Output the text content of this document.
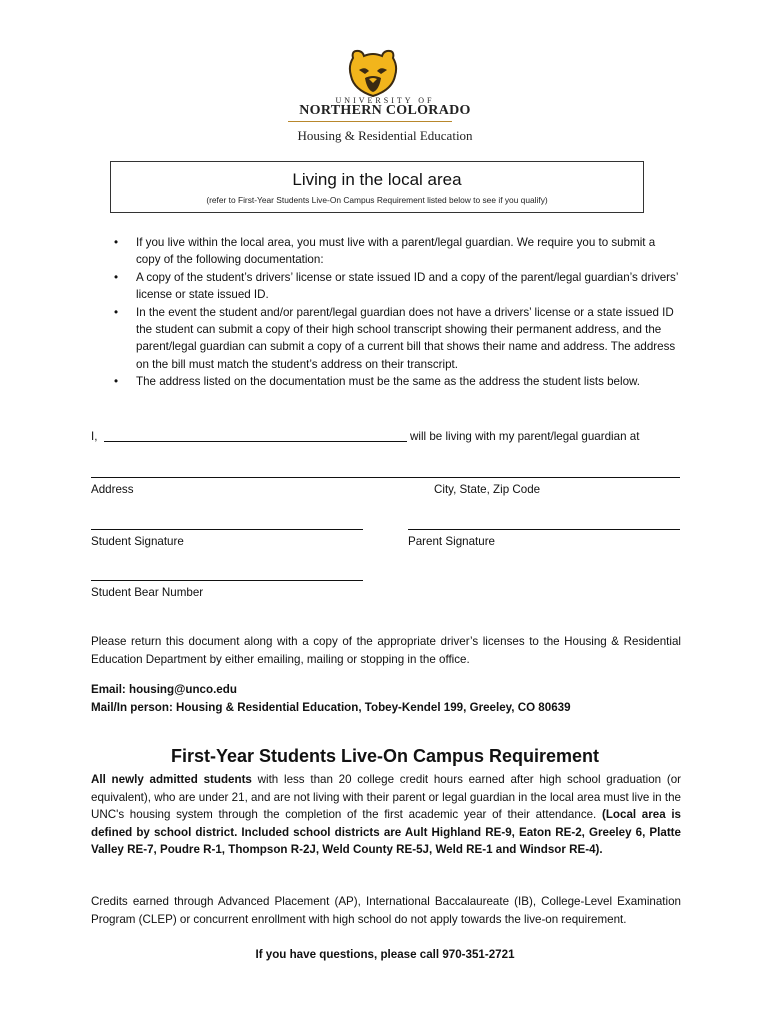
UNIVERSITY OF
NORTHERN COLORADO
Housing & Residential Education
Living in the local area
(refer to First-Year Students Live-On Campus Requirement listed below to see if you qualify)
• If you live within the local area, you must live with a parent/legal guardian. We require you to submit a copy of the following documentation:
• A copy of the student’s drivers’ license or state issued ID and a copy of the parent/legal guardian’s drivers’ license or state issued ID.
• In the event the student and/or parent/legal guardian does not have a drivers’ license or a state issued ID the student can submit a copy of their high school transcript showing their permanent address, and the parent/legal guardian can submit a copy of a current bill that shows their name and address. The address on the bill must match the student’s address on their transcript.
• The address listed on the documentation must be the same as the address the student lists below.
I,	will be living with my parent/legal guardian at
Address	City, State, Zip Code
Student Signature	Parent Signature
Student Bear Number
Please return this document along with a copy of the appropriate driver’s licenses to the Housing & Residential Education Department by either emailing, mailing or stopping in the office.
Email: housing@unco.edu
Mail/In person: Housing & Residential Education, Tobey-Kendel 199, Greeley, CO 80639
First-Year Students Live-On Campus Requirement
All newly admitted students with less than 20 college credit hours earned after high school graduation (or equivalent), who are under 21, and are not living with their parent or legal guardian in the local area must live in the UNC's housing system through the completion of the first academic year of their attendance. (Local area is defined by school district. Included school districts are Ault Highland RE-9, Eaton RE-2, Greeley 6, Platte Valley RE-7, Poudre R-1, Thompson R-2J, Weld County RE-5J, Weld RE-1 and Windsor RE-4).
Credits earned through Advanced Placement (AP), International Baccalaureate (IB), College-Level Examination Program (CLEP) or concurrent enrollment with high school do not apply towards the live-on requirement.
If you have questions, please call 970-351-2721
